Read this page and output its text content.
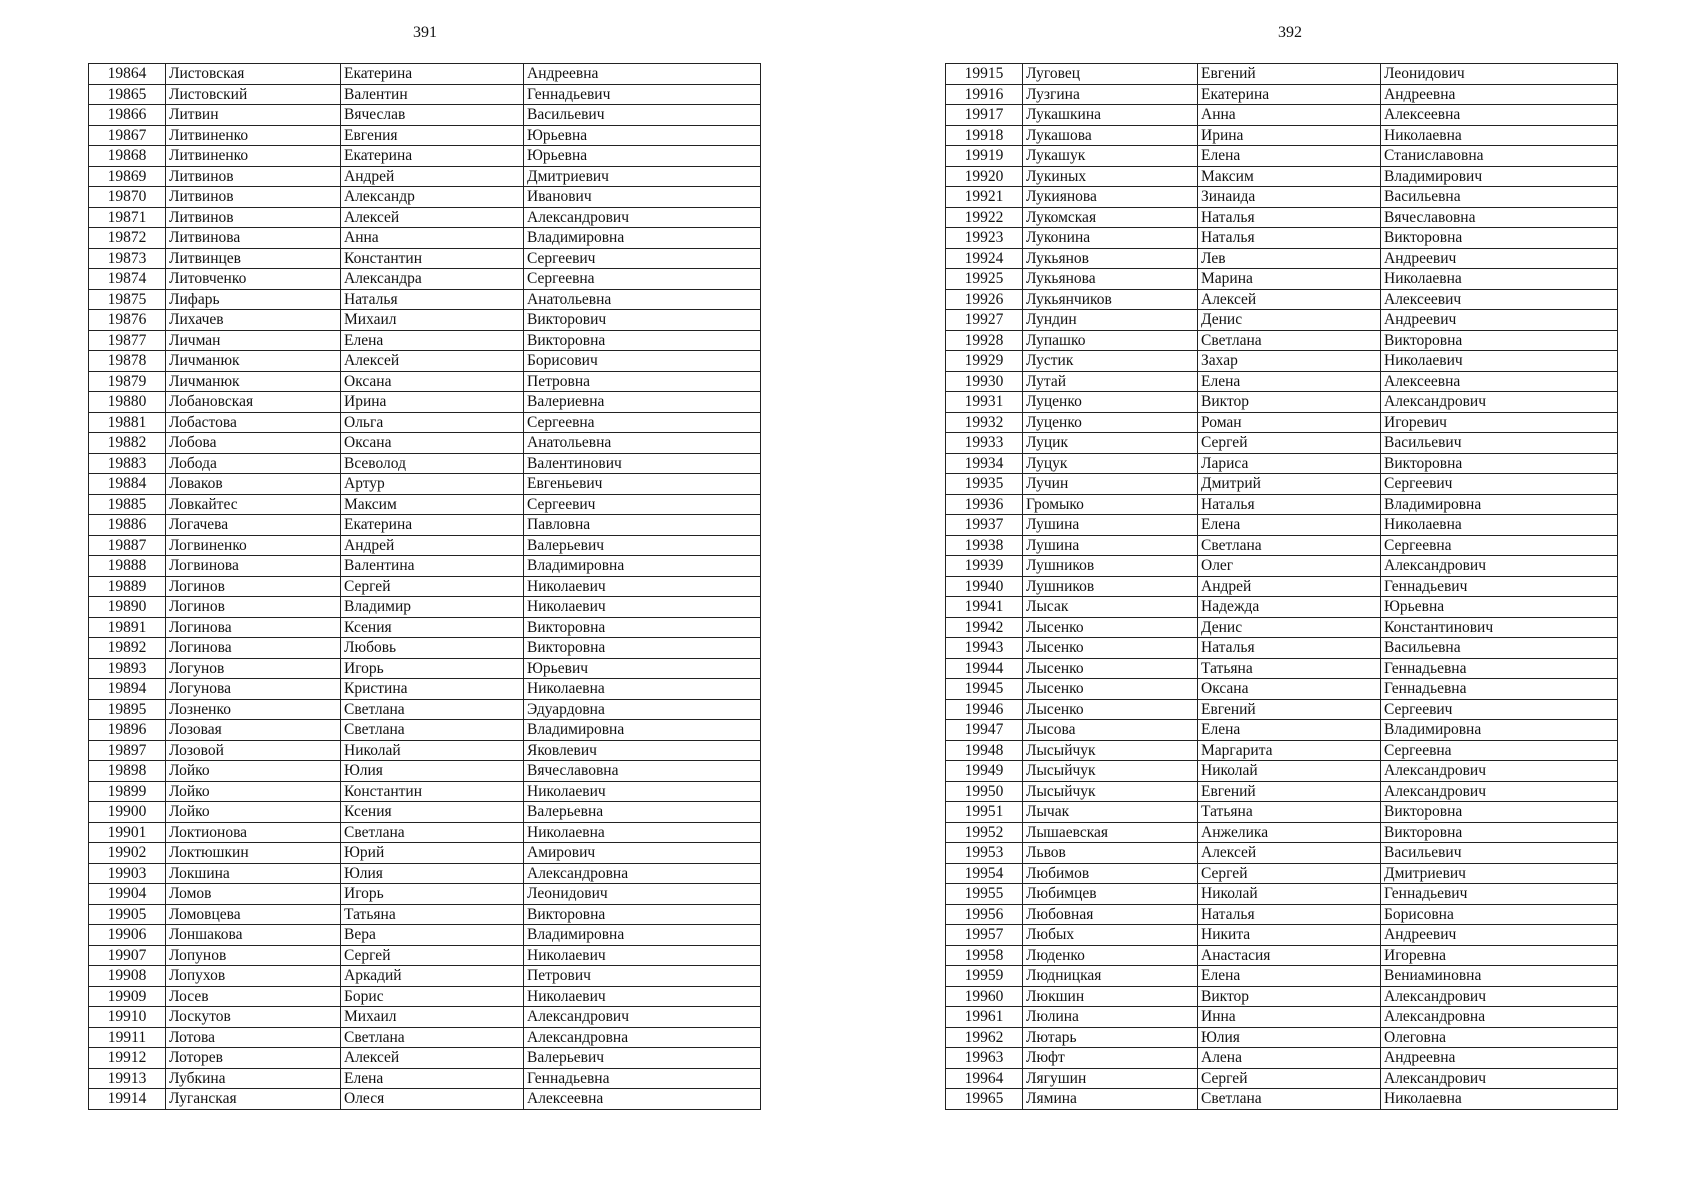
391
19864	Листовская	Екатерина	Андреевна
19865	Листовский	Валентин	Геннадьевич
19866	Литвин	Вячеслав	Васильевич
19867	Литвиненко	Евгения	Юрьевна
19868	Литвиненко	Екатерина	Юрьевна
19869	Литвинов	Андрей	Дмитриевич
19870	Литвинов	Александр	Иванович
19871	Литвинов	Алексей	Александрович
19872	Литвинова	Анна	Владимировна
19873	Литвинцев	Константин	Сергеевич
19874	Литовченко	Александра	Сергеевна
19875	Лифарь	Наталья	Анатольевна
19876	Лихачев	Михаил	Викторович
19877	Личман	Елена	Викторовна
19878	Личманюк	Алексей	Борисович
19879	Личманюк	Оксана	Петровна
19880	Лобановская	Ирина	Валериевна
19881	Лобастова	Ольга	Сергеевна
19882	Лобова	Оксана	Анатольевна
19883	Лобода	Всеволод	Валентинович
19884	Ловаков	Артур	Евгеньевич
19885	Ловкайтес	Максим	Сергеевич
19886	Логачева	Екатерина	Павловна
19887	Логвиненко	Андрей	Валерьевич
19888	Логвинова	Валентина	Владимировна
19889	Логинов	Сергей	Николаевич
19890	Логинов	Владимир	Николаевич
19891	Логинова	Ксения	Викторовна
19892	Логинова	Любовь	Викторовна
19893	Логунов	Игорь	Юрьевич
19894	Логунова	Кристина	Николаевна
19895	Лозненко	Светлана	Эдуардовна
19896	Лозовая	Светлана	Владимировна
19897	Лозовой	Николай	Яковлевич
19898	Лойко	Юлия	Вячеславовна
19899	Лойко	Константин	Николаевич
19900	Лойко	Ксения	Валерьевна
19901	Локтионова	Светлана	Николаевна
19902	Локтюшкин	Юрий	Амирович
19903	Локшина	Юлия	Александровна
19904	Ломов	Игорь	Леонидович
19905	Ломовцева	Татьяна	Викторовна
19906	Лоншакова	Вера	Владимировна
19907	Лопунов	Сергей	Николаевич
19908	Лопухов	Аркадий	Петрович
19909	Лосев	Борис	Николаевич
19910	Лоскутов	Михаил	Александрович
19911	Лотова	Светлана	Александровна
19912	Лоторев	Алексей	Валерьевич
19913	Лубкина	Елена	Геннадьевна
19914	Луганская	Олеся	Алексеевна
392
19915	Луговец	Евгений	Леонидович
19916	Лузгина	Екатерина	Андреевна
19917	Лукашкина	Анна	Алексеевна
19918	Лукашова	Ирина	Николаевна
19919	Лукашук	Елена	Станиславовна
19920	Лукиных	Максим	Владимирович
19921	Лукиянова	Зинаида	Васильевна
19922	Лукомская	Наталья	Вячеславовна
19923	Луконина	Наталья	Викторовна
19924	Лукьянов	Лев	Андреевич
19925	Лукьянова	Марина	Николаевна
19926	Лукьянчиков	Алексей	Алексеевич
19927	Лундин	Денис	Андреевич
19928	Лупашко	Светлана	Викторовна
19929	Лустик	Захар	Николаевич
19930	Лутай	Елена	Алексеевна
19931	Луценко	Виктор	Александрович
19932	Луценко	Роман	Игоревич
19933	Луцик	Сергей	Васильевич
19934	Луцук	Лариса	Викторовна
19935	Лучин	Дмитрий	Сергеевич
19936	Громыко	Наталья	Владимировна
19937	Лушина	Елена	Николаевна
19938	Лушина	Светлана	Сергеевна
19939	Лушников	Олег	Александрович
19940	Лушников	Андрей	Геннадьевич
19941	Лысак	Надежда	Юрьевна
19942	Лысенко	Денис	Константинович
19943	Лысенко	Наталья	Васильевна
19944	Лысенко	Татьяна	Геннадьевна
19945	Лысенко	Оксана	Геннадьевна
19946	Лысенко	Евгений	Сергеевич
19947	Лысова	Елена	Владимировна
19948	Лысыйчук	Маргарита	Сергеевна
19949	Лысыйчук	Николай	Александрович
19950	Лысыйчук	Евгений	Александрович
19951	Лычак	Татьяна	Викторовна
19952	Лышаевская	Анжелика	Викторовна
19953	Львов	Алексей	Васильевич
19954	Любимов	Сергей	Дмитриевич
19955	Любимцев	Николай	Геннадьевич
19956	Любовная	Наталья	Борисовна
19957	Любых	Никита	Андреевич
19958	Люденко	Анастасия	Игоревна
19959	Людницкая	Елена	Вениаминовна
19960	Люкшин	Виктор	Александрович
19961	Люлина	Инна	Александровна
19962	Лютарь	Юлия	Олеговна
19963	Люфт	Алена	Андреевна
19964	Лягушин	Сергей	Александрович
19965	Лямина	Светлана	Николаевна
